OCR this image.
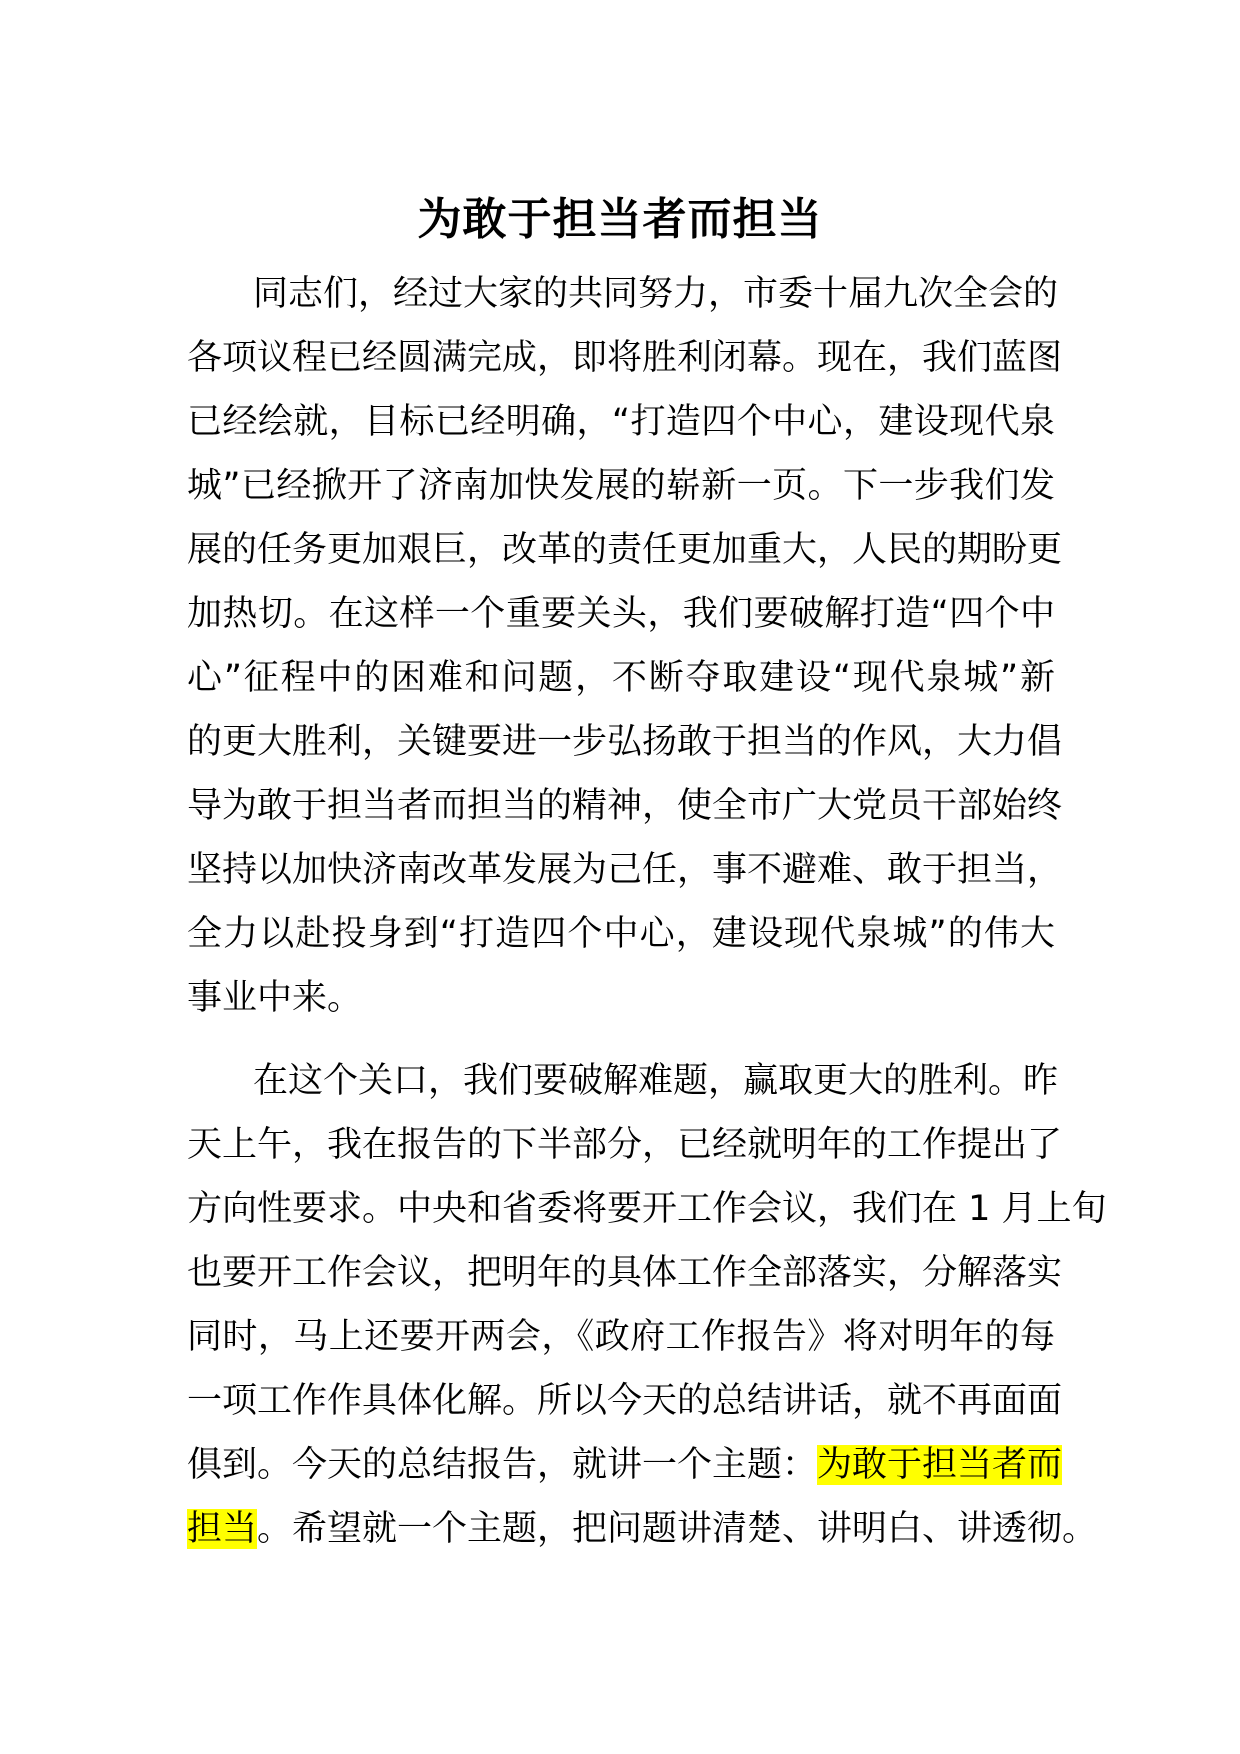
为敢于担当者而担当
同志们，经过大家的共同努力，市委十届九次全会的
各项议程已经圆满完成，即将胜利闭幕。现在，我们蓝图
已经绘就，目标已经明确，“打造四个中心，建设现代泉
城”已经掀开了济南加快发展的崭新一页。下一步我们发
展的任务更加艰巨，改革的责任更加重大，人民的期盼更
加热切。在这样一个重要关头，我们要破解打造“四个中
心”征程中的困难和问题，不断夺取建设“现代泉城”新
的更大胜利，关键要进一步弘扬敢于担当的作风，大力倡
导为敢于担当者而担当的精神，使全市广大党员干部始终
坚持以加快济南改革发展为己任，事不避难、敢于担当，
全力以赴投身到“打造四个中心，建设现代泉城”的伟大
事业中来。
在这个关口，我们要破解难题，赢取更大的胜利。昨
天上午，我在报告的下半部分，已经就明年的工作提出了
方向性要求。中央和省委将要开工作会议，我们在 1 月上旬
也要开工作会议，把明年的具体工作全部落实，分解落实
同时，马上还要开两会，《政府工作报告》将对明年的每
一项工作作具体化解。所以今天的总结讲话，就不再面面
俱到。今天的总结报告，就讲一个主题：为敢于担当者而
担当。希望就一个主题，把问题讲清楚、讲明白、讲透彻。
